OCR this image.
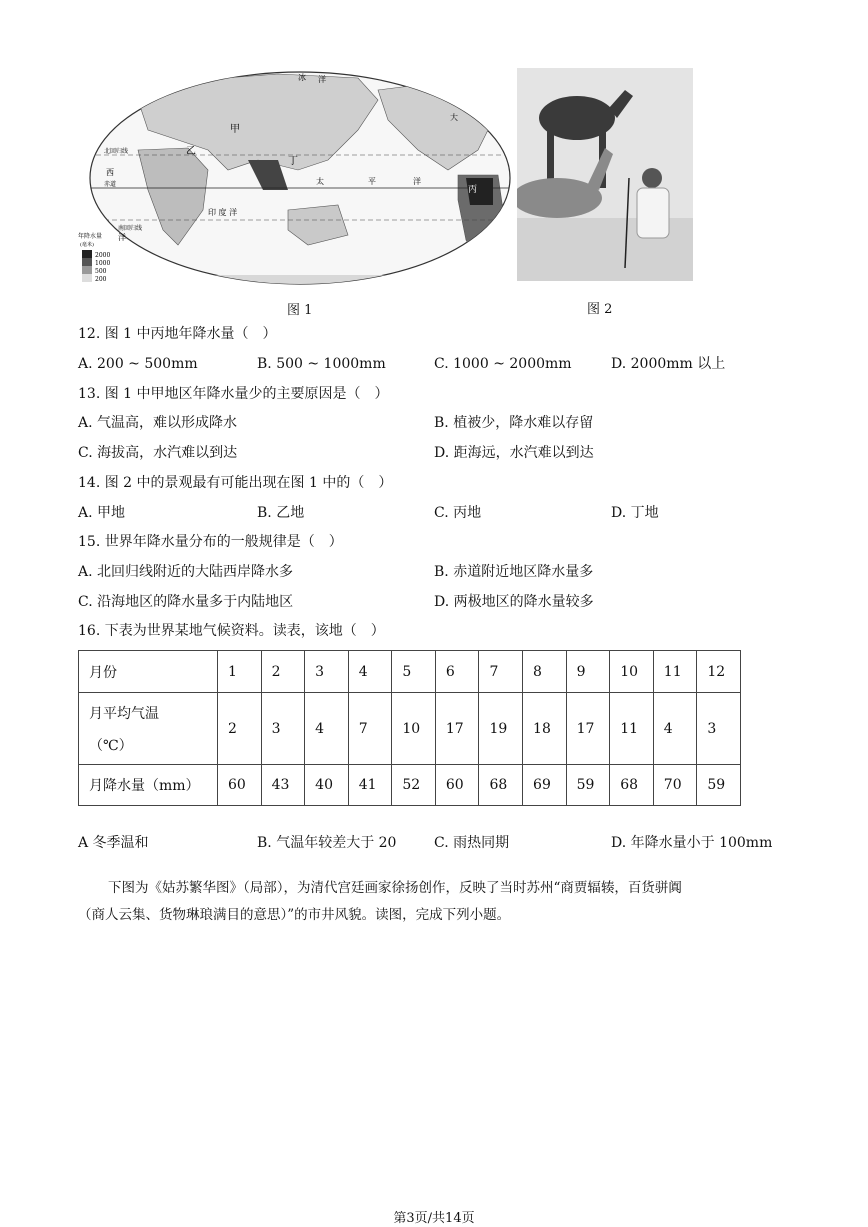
甲
乙
丁
丙
冰 洋
太	平	洋
印 度 洋
赤道
北回归线
南回归线
大
西
洋
年降水量
(毫米)
2000
1000
500
200
图 1	图 2
12. 图 1 中丙地年降水量（　）
A. 200 ~ 500mm	B. 500 ~ 1000mm	C. 1000 ~ 2000mm	D. 2000mm 以上
13. 图 1 中甲地区年降水量少的主要原因是（　）
A. 气温高，难以形成降水	B. 植被少，降水难以存留
C. 海拔高，水汽难以到达	D. 距海远，水汽难以到达
14. 图 2 中的景观最有可能出现在图 1 中的（　）
A. 甲地	B. 乙地	C. 丙地	D. 丁地
15. 世界年降水量分布的一般规律是（　）
A. 北回归线附近的大陆西岸降水多	B. 赤道附近地区降水量多
C. 沿海地区的降水量多于内陆地区	D. 两极地区的降水量较多
16. 下表为世界某地气候资料。读表，该地（　）
月份	1	2	3	4	5	6	7	8	9	10	11	12

月平均气温
（℃）	2	3	4	7	10	17	19	18	17	11	4	3
月降水量（mm）	60	43	40	41	52	60	68	69	59	68	70	59
A 冬季温和	B. 气温年较差大于 20	C. 雨热同期	D. 年降水量小于 100mm
下图为《姑苏繁华图》（局部），为清代宫廷画家徐扬创作，反映了当时苏州“商贾辐辏，百货骈阗
（商人云集、货物琳琅满目的意思）”的市井风貌。读图，完成下列小题。
第3页/共14页
